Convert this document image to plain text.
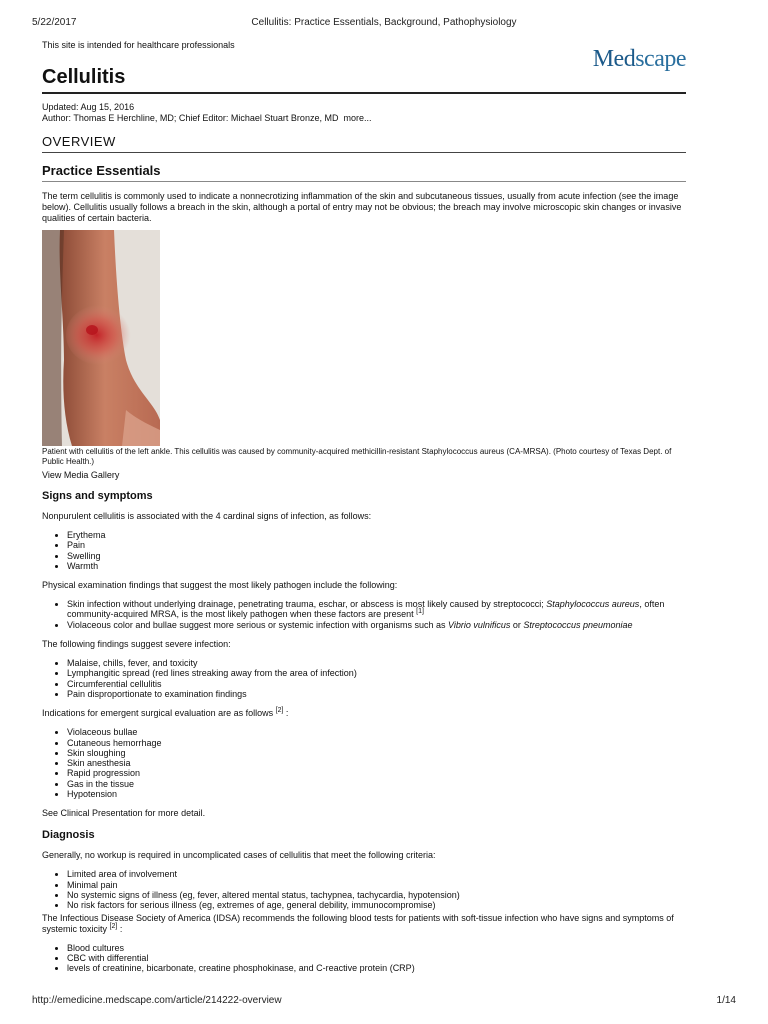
5/22/2017	Cellulitis: Practice Essentials, Background, Pathophysiology
This site is intended for healthcare professionals
Medscape
Cellulitis
Updated: Aug 15, 2016
Author: Thomas E Herchline, MD; Chief Editor: Michael Stuart Bronze, MD more...
OVERVIEW
Practice Essentials

The term cellulitis is commonly used to indicate a nonnecrotizing inflammation of the skin and subcutaneous tissues, usually from acute infection (see the image below). Cellulitis usually follows a breach in the skin, although a portal of entry may not be obvious; the breach may involve microscopic skin changes or invasive qualities of certain bacteria.

Patient with cellulitis of the left ankle. This cellulitis was caused by community-acquired methicillin-resistant Staphylococcus aureus (CA-MRSA). (Photo courtesy of Texas Dept. of Public Health.)
View Media Gallery
Signs and symptoms

Nonpurulent cellulitis is associated with the 4 cardinal signs of infection, as follows:

• Erythema
• Pain
• Swelling
• Warmth

Physical examination findings that suggest the most likely pathogen include the following:

• Skin infection without underlying drainage, penetrating trauma, eschar, or abscess is most likely caused by streptococci; Staphylococcus aureus, often community-acquired MRSA, is the most likely pathogen when these factors are present [1]
• Violaceous color and bullae suggest more serious or systemic infection with organisms such as Vibrio vulnificus or Streptococcus pneumoniae

The following findings suggest severe infection:

• Malaise, chills, fever, and toxicity
• Lymphangitic spread (red lines streaking away from the area of infection)
• Circumferential cellulitis
• Pain disproportionate to examination findings

Indications for emergent surgical evaluation are as follows [2] :

• Violaceous bullae
• Cutaneous hemorrhage
• Skin sloughing
• Skin anesthesia
• Rapid progression
• Gas in the tissue
• Hypotension

See Clinical Presentation for more detail.

Diagnosis

Generally, no workup is required in uncomplicated cases of cellulitis that meet the following criteria:

• Limited area of involvement
• Minimal pain
• No systemic signs of illness (eg, fever, altered mental status, tachypnea, tachycardia, hypotension)
• No risk factors for serious illness (eg, extremes of age, general debility, immunocompromise)

The Infectious Disease Society of America (IDSA) recommends the following blood tests for patients with soft-tissue infection who have signs and symptoms of systemic toxicity [2] :

• Blood cultures
• CBC with differential
• levels of creatinine, bicarbonate, creatine phosphokinase, and C-reactive protein (CRP)
http://emedicine.medscape.com/article/214222-overview	1/14
